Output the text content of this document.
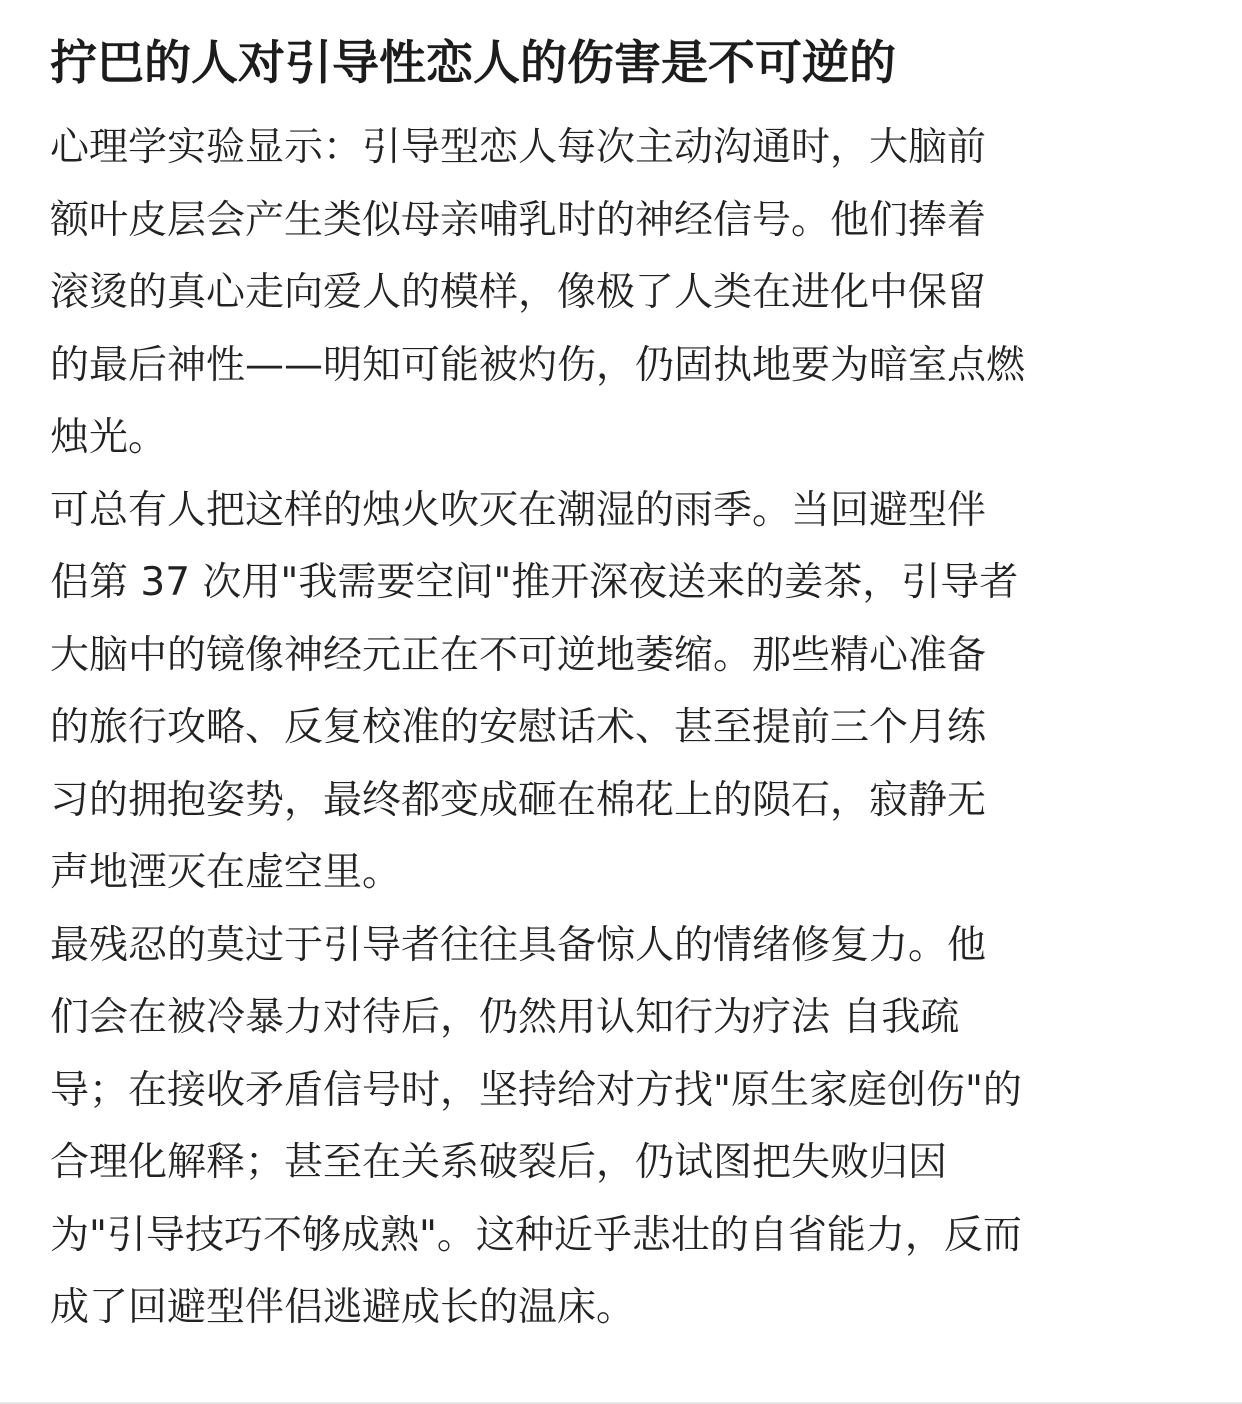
拧巴的人对引导性恋人的伤害是不可逆的
心理学实验显示：引导型恋人每次主动沟通时，大脑前
额叶皮层会产生类似母亲哺乳时的神经信号。他们捧着
滚烫的真心走向爱人的模样，像极了人类在进化中保留
的最后神性——明知可能被灼伤，仍固执地要为暗室点燃
烛光。
可总有人把这样的烛火吹灭在潮湿的雨季。当回避型伴
侣第 37 次用"我需要空间"推开深夜送来的姜茶，引导者
大脑中的镜像神经元正在不可逆地萎缩。那些精心准备
的旅行攻略、反复校准的安慰话术、甚至提前三个月练
习的拥抱姿势，最终都变成砸在棉花上的陨石，寂静无
声地湮灭在虚空里。
最残忍的莫过于引导者往往具备惊人的情绪修复力。他
们会在被冷暴力对待后，仍然用认知行为疗法 自我疏
导；在接收矛盾信号时，坚持给对方找"原生家庭创伤"的
合理化解释；甚至在关系破裂后，仍试图把失败归因
为"引导技巧不够成熟"。这种近乎悲壮的自省能力，反而
成了回避型伴侣逃避成长的温床。
